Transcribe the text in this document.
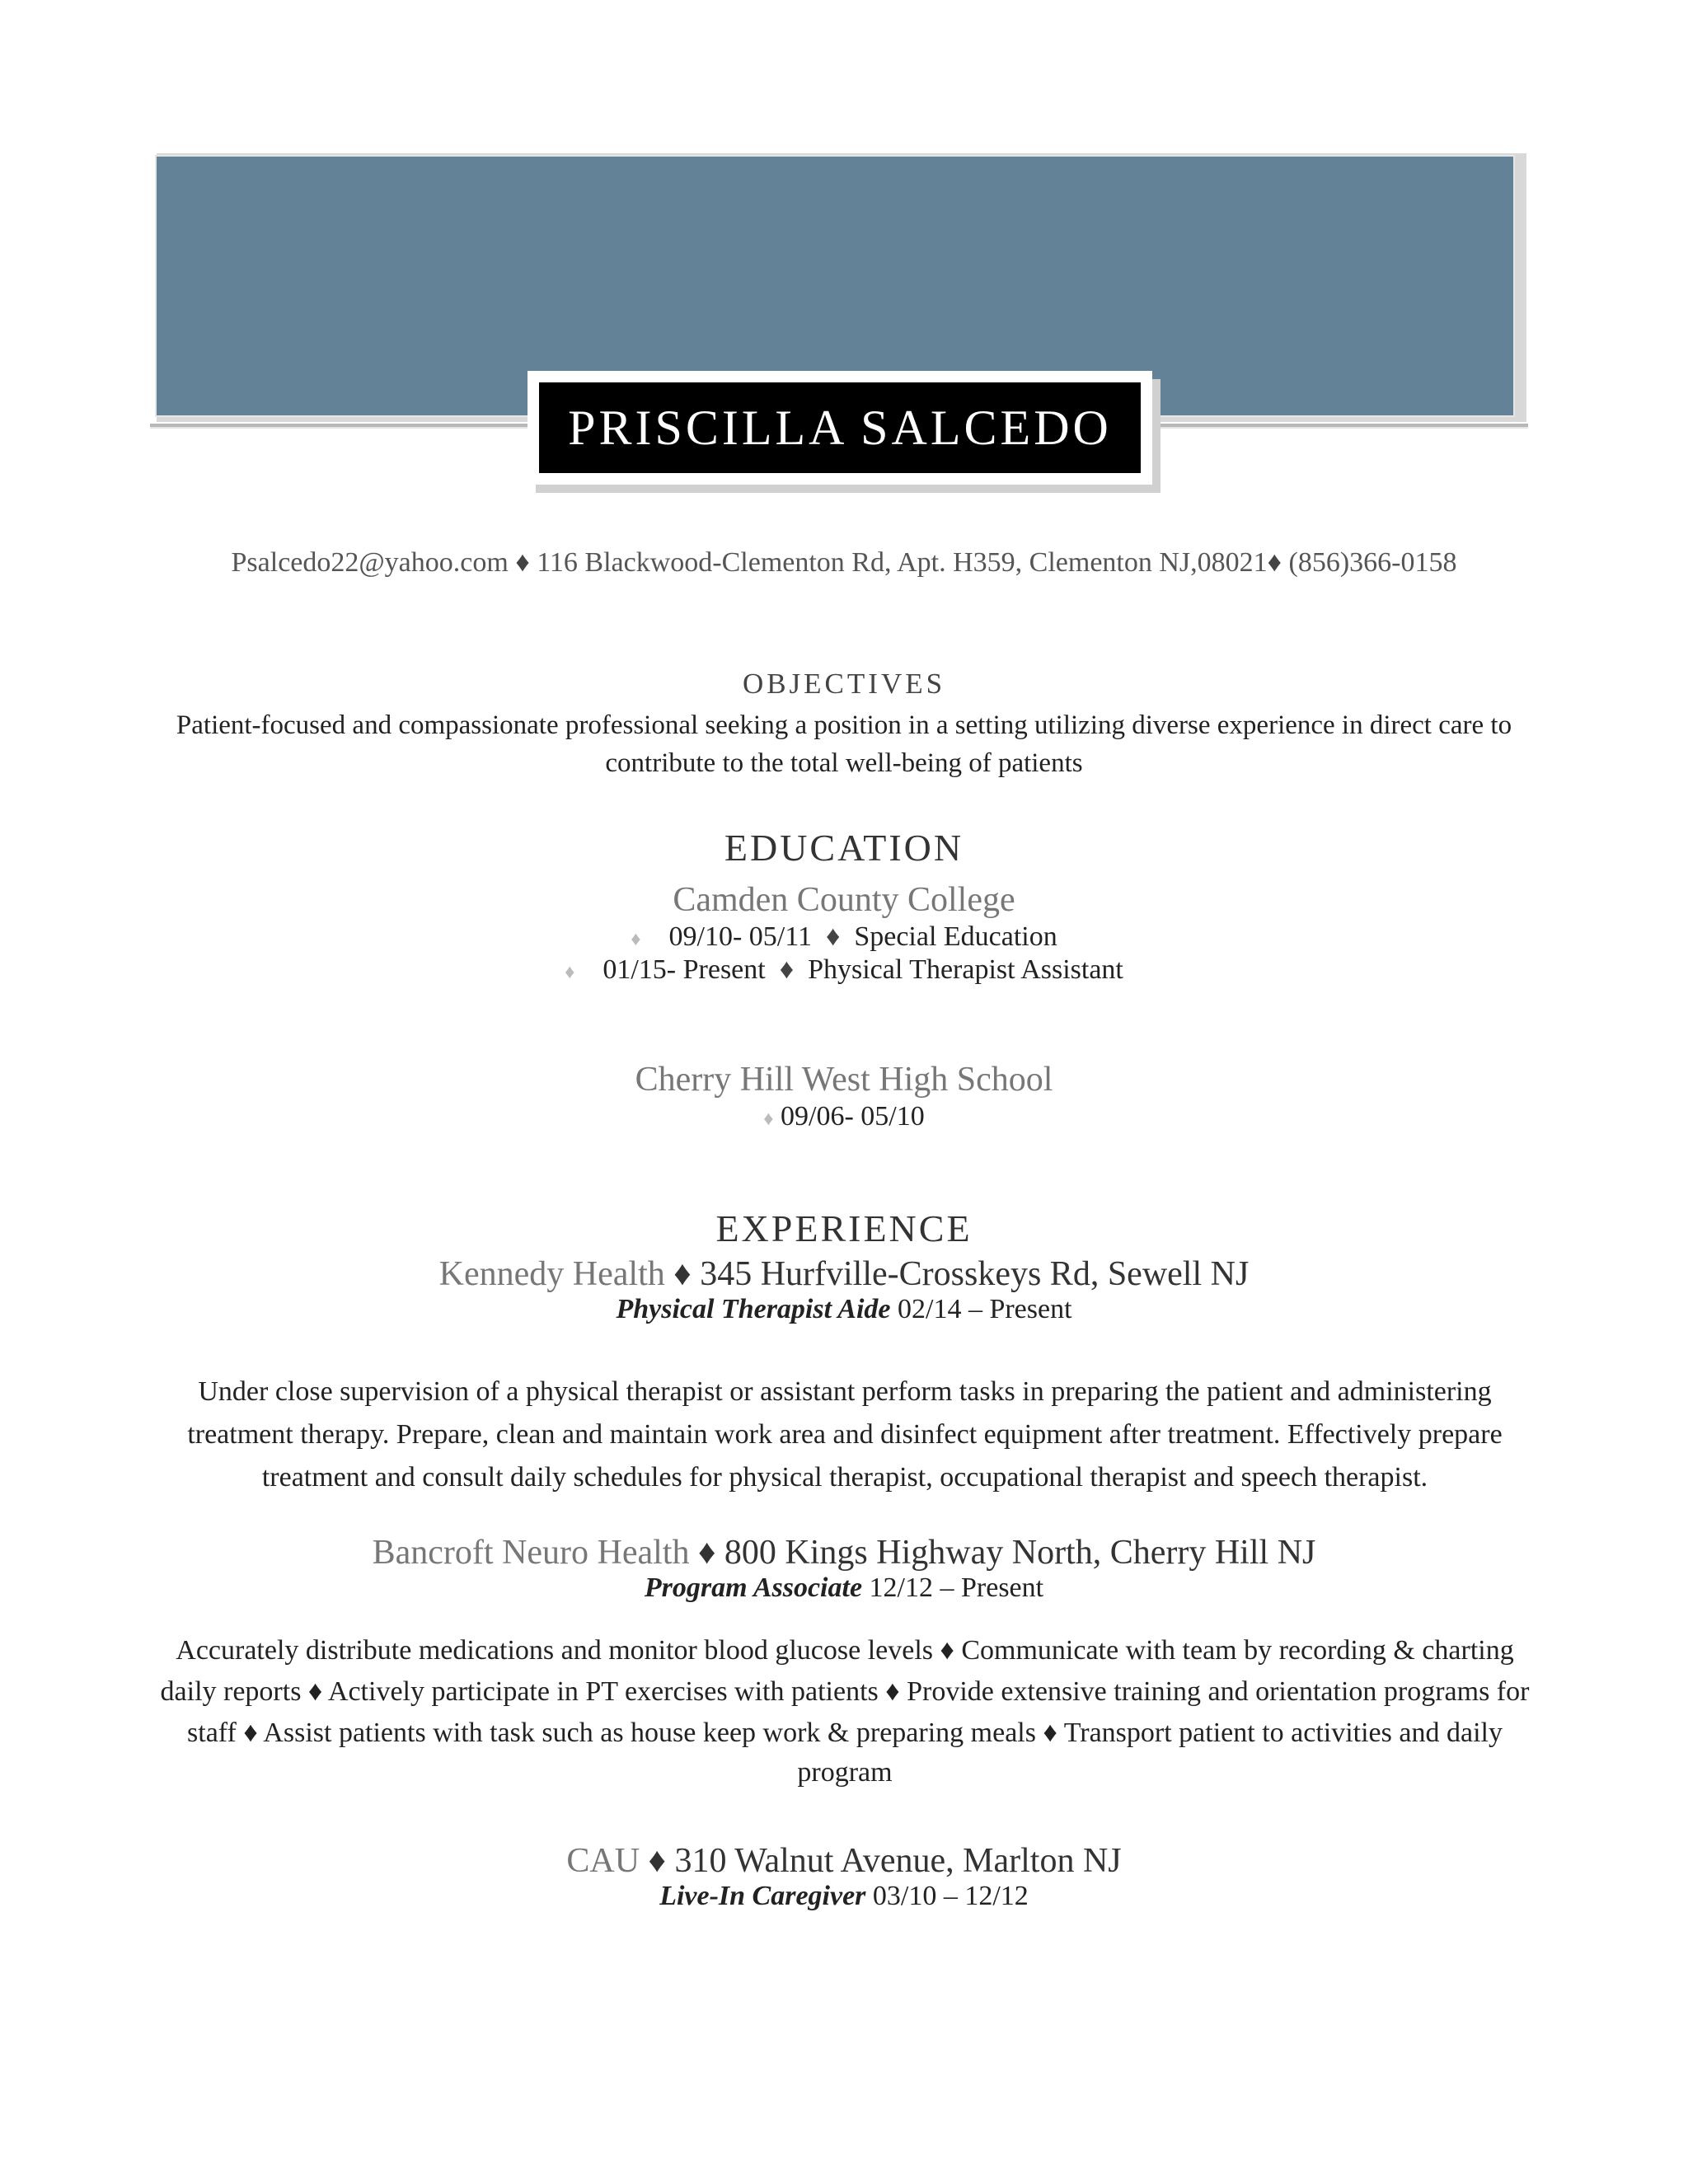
PRISCILLA SALCEDO
Psalcedo22@yahoo.com ♦ 116 Blackwood-Clementon Rd, Apt. H359, Clementon NJ,08021♦ (856)366-0158
OBJECTIVES
Patient-focused and compassionate professional seeking a position in a setting utilizing diverse experience in direct care to
contribute to the total well-being of patients
EDUCATION
Camden County College
♦ 09/10- 05/11 ♦ Special Education
♦ 01/15- Present ♦ Physical Therapist Assistant
Cherry Hill West High School
♦ 09/06- 05/10
EXPERIENCE
Kennedy Health ♦ 345 Hurfville-Crosskeys Rd, Sewell NJ
Physical Therapist Aide 02/14 – Present
Under close supervision of a physical therapist or assistant perform tasks in preparing the patient and administering
treatment therapy. Prepare, clean and maintain work area and disinfect equipment after treatment. Effectively prepare
treatment and consult daily schedules for physical therapist, occupational therapist and speech therapist.
Bancroft Neuro Health ♦ 800 Kings Highway North, Cherry Hill NJ
Program Associate 12/12 – Present
Accurately distribute medications and monitor blood glucose levels ♦ Communicate with team by recording & charting
daily reports ♦ Actively participate in PT exercises with patients ♦ Provide extensive training and orientation programs for
staff ♦ Assist patients with task such as house keep work & preparing meals ♦ Transport patient to activities and daily
program
CAU ♦ 310 Walnut Avenue, Marlton NJ
Live-In Caregiver 03/10 – 12/12
